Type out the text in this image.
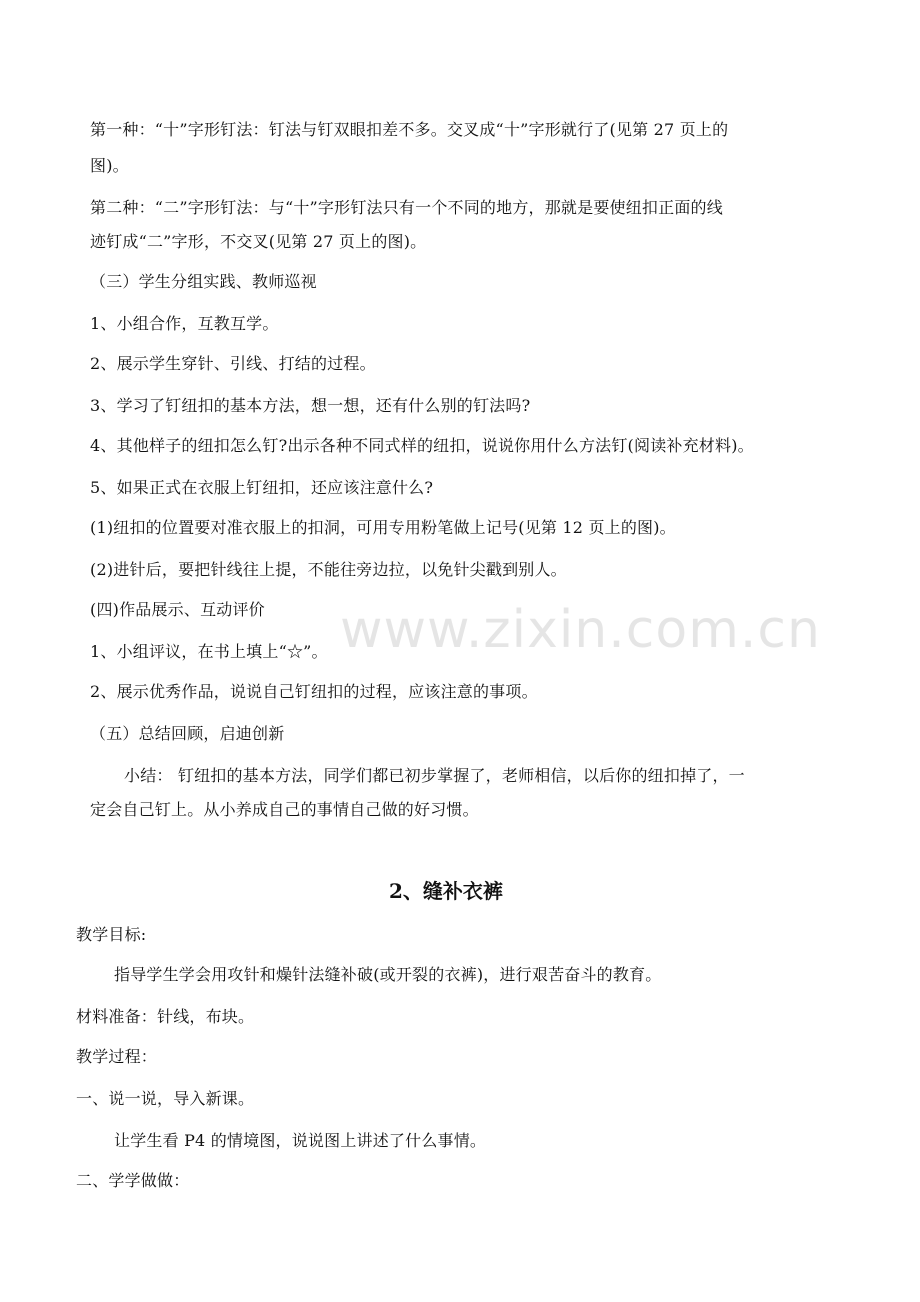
第一种：“十”字形钉法：钉法与钉双眼扣差不多。交叉成“十”字形就行了(见第 27 页上的
图)。
第二种：“二”字形钉法：与“十”字形钉法只有一个不同的地方，那就是要使纽扣正面的线
迹钉成“二”字形，不交叉(见第 27 页上的图)。
（三）学生分组实践、教师巡视
1、小组合作，互教互学。
2、展示学生穿针、引线、打结的过程。
3、学习了钉纽扣的基本方法，想一想，还有什么别的钉法吗?
4、其他样子的纽扣怎么钉?出示各种不同式样的纽扣，说说你用什么方法钉(阅读补充材料)。
5、如果正式在衣服上钉纽扣，还应该注意什么?
(1)纽扣的位置要对准衣服上的扣洞，可用专用粉笔做上记号(见第 12 页上的图)。
(2)进针后，要把针线往上提，不能往旁边拉，以免针尖戳到别人。
(四)作品展示、互动评价
1、小组评议，在书上填上“☆”。
2、展示优秀作品，说说自己钉纽扣的过程，应该注意的事项。
（五）总结回顾，启迪创新
小结： 钉纽扣的基本方法，同学们都已初步掌握了，老师相信，以后你的纽扣掉了，一
定会自己钉上。从小养成自己的事情自己做的好习惯。
2、缝补衣裤
教学目标:
指导学生学会用攻针和燥针法缝补破(或开裂的衣裤)，进行艰苦奋斗的教育。
材料准备：针线，布块。
教学过程：
一、说一说，导入新课。
让学生看 P4 的情境图，说说图上讲述了什么事情。
二、学学做做：
www.zixin.com.cn
